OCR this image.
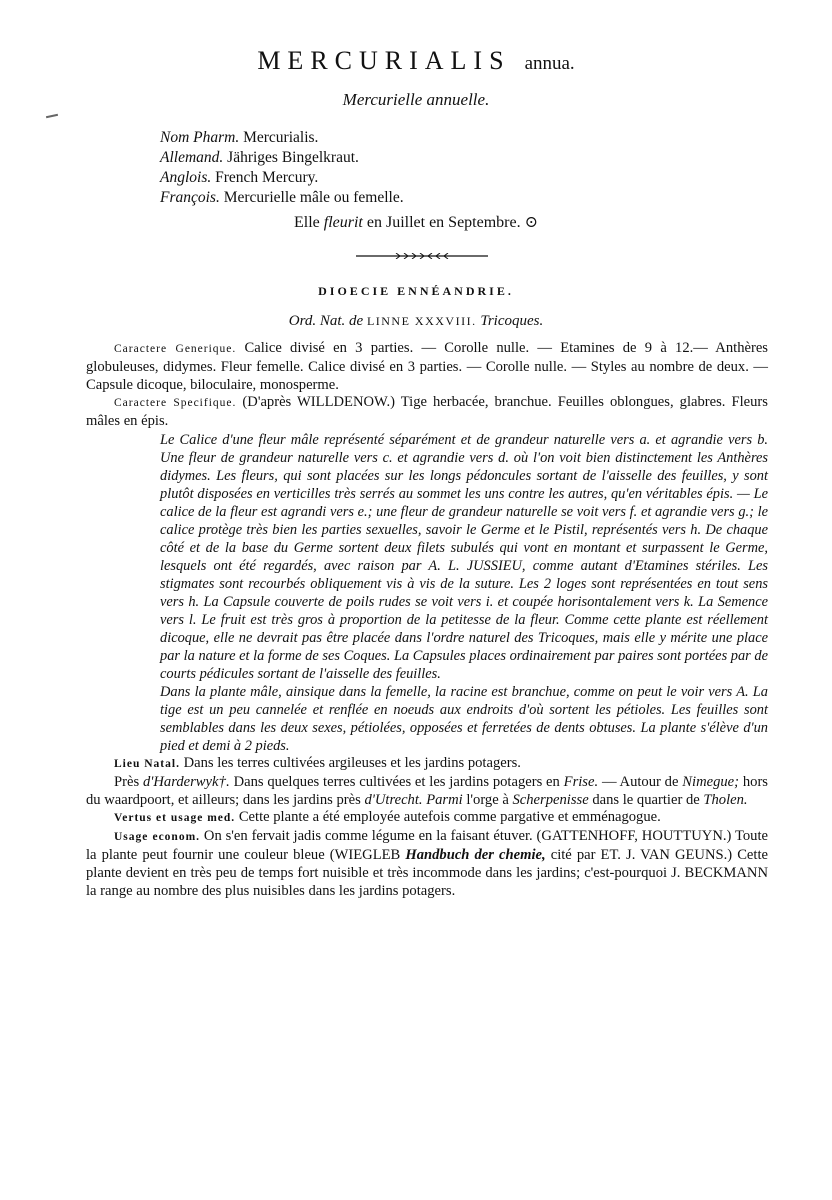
MERCURIALIS annua.
Mercurielle annuelle.
Nom Pharm. Mercurialis.
Allemand. Jähriges Bingelkraut.
Anglois. French Mercury.
François. Mercurielle mâle ou femelle.
Elle fleurit en Juillet en Septembre. ⊙
DIOECIE ENNÉANDRIE.
Ord. Nat. de LINNE XXXVIII. Tricoques.

Caractere Generique. Calice divisé en 3 parties. — Corolle nulle. — Etamines de 9 à 12.— Anthères globuleuses, didymes. Fleur femelle. Calice divisé en 3 parties. — Corolle nulle. — Styles au nombre de deux. — Capsule dicoque, biloculaire, monosperme.

Caractere Specifique. (D'après WILLDENOW.) Tige herbacée, branchue. Feuilles oblongues, glabres. Fleurs mâles en épis.

Le Calice d'une fleur mâle représenté séparément et de grandeur naturelle vers a. et agrandie vers b. Une fleur de grandeur naturelle vers c. et agrandie vers d. où l'on voit bien distinctement les Anthères didymes. Les fleurs, qui sont placées sur les longs pédoncules sortant de l'aisselle des feuilles, y sont plutôt disposées en verticilles très serrés au sommet les uns contre les autres, qu'en véritables épis. — Le calice de la fleur est agrandi vers e.; une fleur de grandeur naturelle se voit vers f. et agrandie vers g.; le calice protège très bien les parties sexuelles, savoir le Germe et le Pistil, représentés vers h. De chaque côté et de la base du Germe sortent deux filets subulés qui vont en montant et surpassent le Germe, lesquels ont été regardés, avec raison par A. L. JUSSIEU, comme autant d'Etamines stériles. Les stigmates sont recourbés obliquement vis à vis de la suture. Les 2 loges sont représentées en tout sens vers h. La Capsule couverte de poils rudes se voit vers i. et coupée horisontalement vers k. La Semence vers l. Le fruit est très gros à proportion de la petitesse de la fleur. Comme cette plante est réellement dicoque, elle ne devrait pas être placée dans l'ordre naturel des Tricoques, mais elle y mérite une place par la nature et la forme de ses Coques. La Capsules places ordinairement par paires sont portées par de courts pédicules sortant de l'aisselle des feuilles.

Dans la plante mâle, ainsique dans la femelle, la racine est branchue, comme on peut le voir vers A. La tige est un peu cannelée et renflée en noeuds aux endroits d'où sortent les pétioles. Les feuilles sont semblables dans les deux sexes, pétiolées, opposées et ferretées de dents obtuses. La plante s'élève d'un pied et demi à 2 pieds.

Lieu Natal. Dans les terres cultivées argileuses et les jardins potagers.

Près d'Harderwyk†. Dans quelques terres cultivées et les jardins potagers en Frise. — Autour de Nimegue; hors du waardpoort, et ailleurs; dans les jardins près d'Utrecht. Parmi l'orge à Scherpenisse dans le quartier de Tholen.

Vertus et usage med. Cette plante a été employée autefois comme pargative et emménagogue.

Usage econom. On s'en fervait jadis comme légume en la faisant étuver. (GATTENHOFF, HOUTTUYN.) Toute la plante peut fournir une couleur bleue (WIEGLEB Handbuch der chemie, cité par ET. J. VAN GEUNS.) Cette plante devient en très peu de temps fort nuisible et très incommode dans les jardins; c'est-pourquoi J. BECKMANN la range au nombre des plus nuisibles dans les jardins potagers.
